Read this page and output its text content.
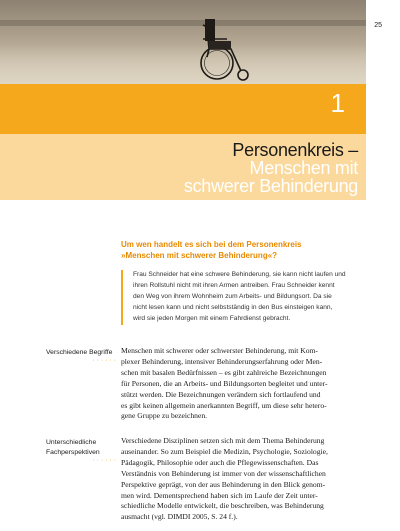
1
25
Personenkreis –
Menschen mit
schwerer Behinderung
Um wen handelt es sich bei dem Personenkreis
»Menschen mit schwerer Behinderung«?
Frau Schneider hat eine schwere Behinderung, sie kann nicht laufen und
ihren Rollstuhl nicht mit ihren Armen antreiben. Frau Schneider kennt
den Weg von ihrem Wohnheim zum Arbeits- und Bildungsort. Da sie
nicht lesen kann und nicht selbstständig in den Bus einsteigen kann,
wird sie jeden Morgen mit einem Fahrdienst gebracht.
Verschiedene Begriffe
· · · · · ·
Menschen mit schwerer oder schwerster Behinderung, mit Kom-
plexer Behinderung, intensiver Behinderungserfahrung oder Men-
schen mit basalen Bedürfnissen – es gibt zahlreiche Bezeichnungen
für Personen, die an Arbeits- und Bildungsorten begleitet und unter-
stützt werden. Die Bezeichnungen verändern sich fortlaufend und
es gibt keinen allgemein anerkannten Begriff, um diese sehr hetero-
gene Gruppe zu bezeichnen.
Unterschiedliche
Fachperspektiven
· · · · · ·
Verschiedene Disziplinen setzen sich mit dem Thema Behinderung
auseinander. So zum Beispiel die Medizin, Psychologie, Soziologie,
Pädagogik, Philosophie oder auch die Pflegewissenschaften. Das
Verständnis von Behinderung ist immer von der wissenschaftlichen
Perspektive geprägt, von der aus Behinderung in den Blick genom-
men wird. Dementsprechend haben sich im Laufe der Zeit unter-
schiedliche Modelle entwickelt, die beschreiben, was Behinderung
ausmacht (vgl. DIMDI 2005, S. 24 f.).
